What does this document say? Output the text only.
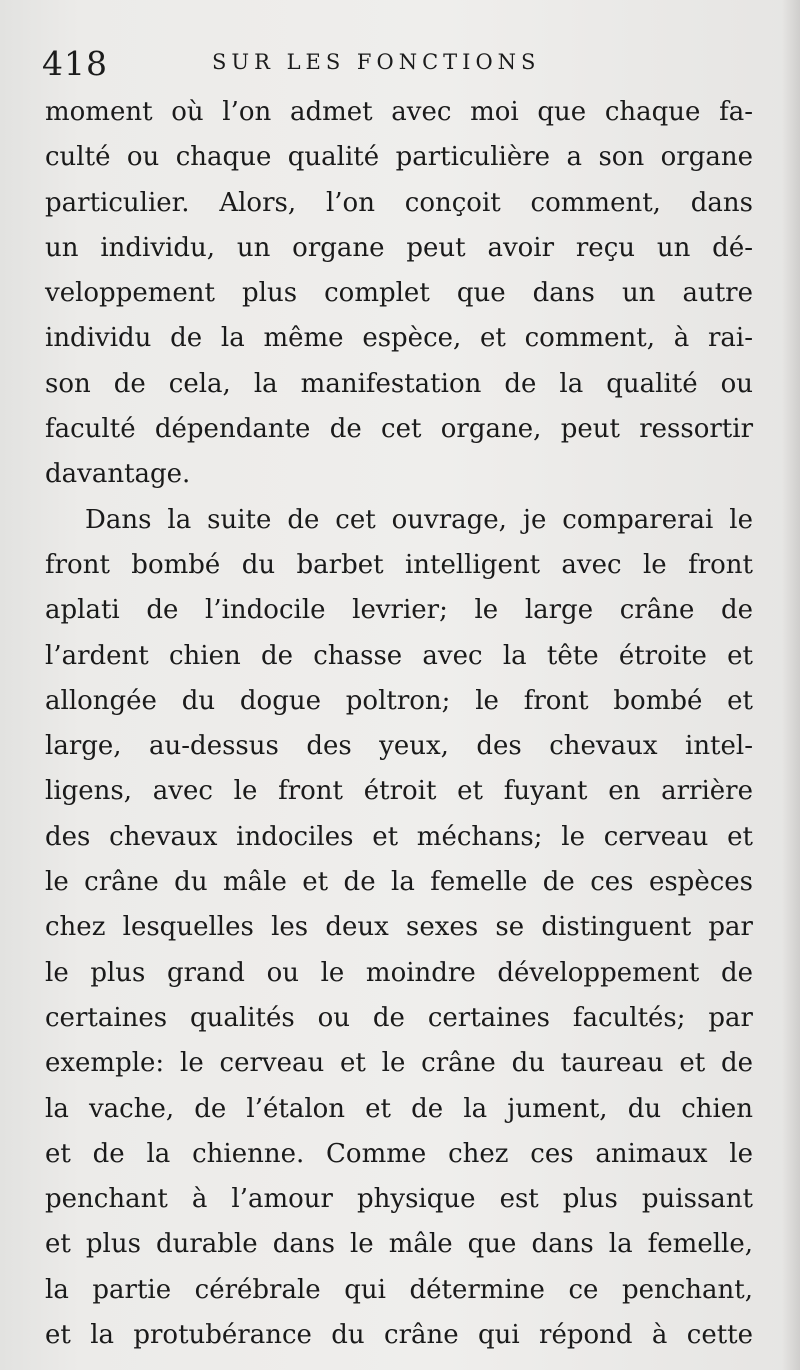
418	SUR LES FONCTIONS
moment où l’on admet avec moi que chaque fa-
culté ou chaque qualité particulière a son organe
particulier. Alors, l’on conçoit comment, dans
un individu, un organe peut avoir reçu un dé-
veloppement plus complet que dans un autre
individu de la même espèce, et comment, à rai-
son de cela, la manifestation de la qualité ou
faculté dépendante de cet organe, peut ressortir
davantage.
Dans la suite de cet ouvrage, je comparerai le
front bombé du barbet intelligent avec le front
aplati de l’indocile levrier; le large crâne de
l’ardent chien de chasse avec la tête étroite et
allongée du dogue poltron; le front bombé et
large, au-dessus des yeux, des chevaux intel-
ligens, avec le front étroit et fuyant en arrière
des chevaux indociles et méchans; le cerveau et
le crâne du mâle et de la femelle de ces espèces
chez lesquelles les deux sexes se distinguent par
le plus grand ou le moindre développement de
certaines qualités ou de certaines facultés; par
exemple: le cerveau et le crâne du taureau et de
la vache, de l’étalon et de la jument, du chien
et de la chienne. Comme chez ces animaux le
penchant à l’amour physique est plus puissant
et plus durable dans le mâle que dans la femelle,
la partie cérébrale qui détermine ce penchant,
et la protubérance du crâne qui répond à cette
